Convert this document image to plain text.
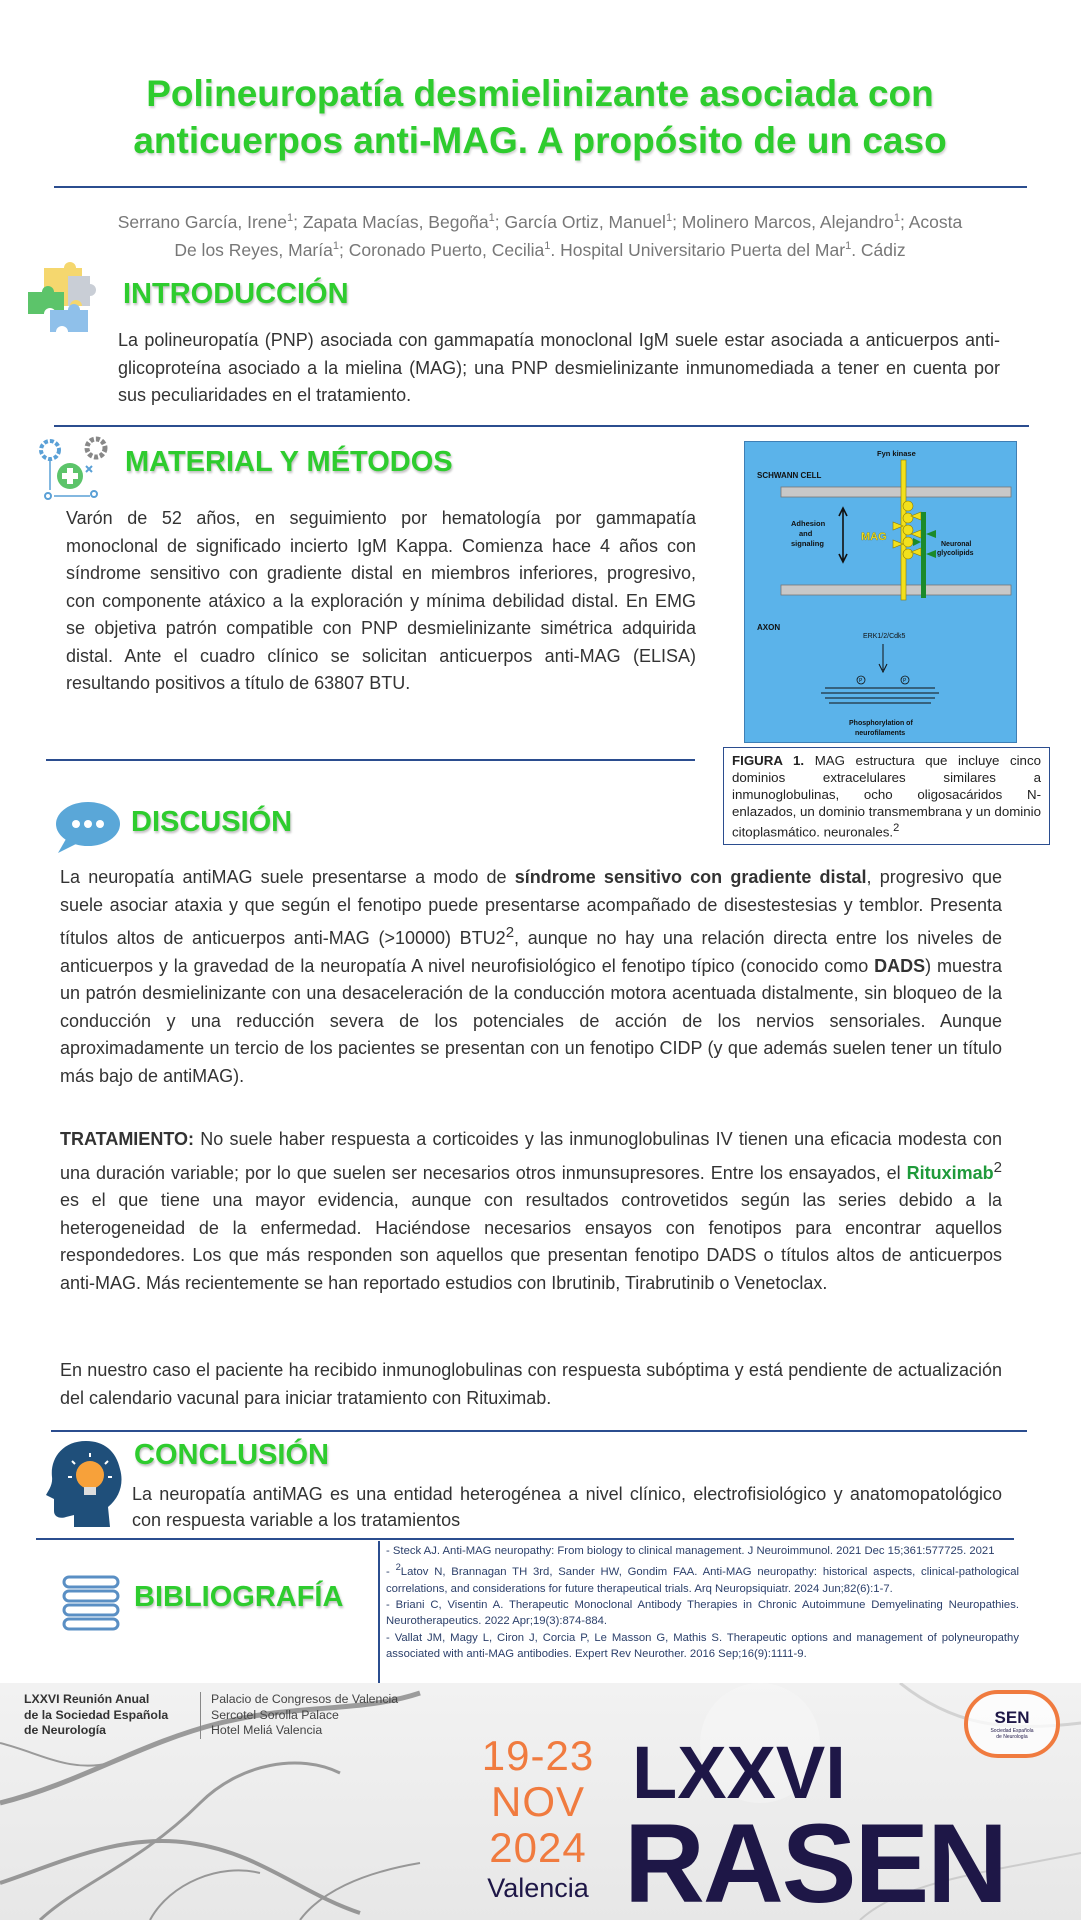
Polineuropatía desmielinizante asociada con
anticuerpos anti-MAG. A propósito de un caso
Serrano García, Irene$^1$; Zapata Macías, Begoña$^1$; García Ortiz, Manuel$^1$; Molinero Marcos, Alejandro$^1$; Acosta
De los Reyes, María$^1$; Coronado Puerto, Cecilia$^1$. Hospital Universitario Puerta del Mar$^1$. Cádiz
INTRODUCCIÓN
La polineuropatía (PNP) asociada con gammapatía monoclonal IgM suele estar asociada a anticuerpos anti-glicoproteína asociado a la mielina (MAG); una PNP desmielinizante inmunomediada a tener en cuenta por sus peculiaridades en el tratamiento.
MATERIAL Y MÉTODOS
Varón de 52 años, en seguimiento por hematología por gammapatía monoclonal de significado incierto IgM Kappa. Comienza hace 4 años con síndrome sensitivo con gradiente distal en miembros inferiores, progresivo, con componente atáxico a la exploración y mínima debilidad distal. En EMG se objetiva patrón compatible con PNP desmielinizante simétrica adquirida distal. Ante el cuadro clínico se solicitan anticuerpos anti-MAG (ELISA) resultando positivos a título de 63807 BTU.
Fyn kinase
SCHWANN CELL
Adhesion
and
signaling
MAG
Neuronal
glycolipids
AXON
ERK1/2/Cdk5
P	P
Phosphorylation of
neurofilaments
FIGURA 1. MAG estructura que incluye cinco dominios extracelulares similares a inmunoglobulinas, ocho oligosacáridos N-enlazados, un dominio transmembrana y un dominio citoplasmático. neuronales.$^2$
DISCUSIÓN
La neuropatía antiMAG suele presentarse a modo de síndrome sensitivo con gradiente distal, progresivo que suele asociar ataxia y que según el fenotipo puede presentarse acompañado de disestestesias y temblor. Presenta títulos altos de anticuerpos anti-MAG (>10000) $BTU2^2$, aunque no hay una relación directa entre los niveles de anticuerpos y la gravedad de la neuropatía A nivel neurofisiológico el fenotipo típico (conocido como DADS) muestra un patrón desmielinizante con una desaceleración de la conducción motora acentuada distalmente, sin bloqueo de la conducción y una reducción severa de los potenciales de acción de los nervios sensoriales. Aunque aproximadamente un tercio de los pacientes se presentan con un fenotipo CIDP (y que además suelen tener un título más bajo de antiMAG).
TRATAMIENTO: No suele haber respuesta a corticoides y las inmunoglobulinas IV tienen una eficacia modesta con una duración variable; por lo que suelen ser necesarios otros inmunsupresores. Entre los ensayados, el Rituximab$^2$ es el que tiene una mayor evidencia, aunque con resultados controvetidos según las series debido a la heterogeneidad de la enfermedad. Haciéndose necesarios ensayos con fenotipos para encontrar aquellos respondedores. Los que más responden son aquellos que presentan fenotipo DADS o títulos altos de anticuerpos anti-MAG. Más recientemente se han reportado estudios con Ibrutinib, Tirabrutinib o Venetoclax.
En nuestro caso el paciente ha recibido inmunoglobulinas con respuesta subóptima y está pendiente de actualización del calendario vacunal para iniciar tratamiento con Rituximab.
CONCLUSIÓN
La neuropatía antiMAG es una entidad heterogénea a nivel clínico, electrofisiológico y anatomopatológico con respuesta variable a los tratamientos
BIBLIOGRAFÍA
- Steck AJ. Anti-MAG neuropathy: From biology to clinical management. J Neuroimmunol. 2021 Dec 15;361:577725. 2021
- $^2$Latov N, Brannagan TH 3rd, Sander HW, Gondim FAA. Anti-MAG neuropathy: historical aspects, clinical-pathological correlations, and considerations for future therapeutical trials. Arq Neuropsiquiatr. 2024 Jun;82(6):1-7.
- Briani C, Visentin A. Therapeutic Monoclonal Antibody Therapies in Chronic Autoimmune Demyelinating Neuropathies. Neurotherapeutics. 2022 Apr;19(3):874-884.
- Vallat JM, Magy L, Ciron J, Corcia P, Le Masson G, Mathis S. Therapeutic options and management of polyneuropathy associated with anti-MAG antibodies. Expert Rev Neurother. 2016 Sep;16(9):1111-9.
LXXVI Reunión Anual
de la Sociedad Española
de Neurología
Palacio de Congresos de Valencia
Sercotel Sorolla Palace
Hotel Meliá Valencia
19-23
NOV
2024
Valencia
LXXVI
RASEN
SEN
Sociedad Española
de Neurología
